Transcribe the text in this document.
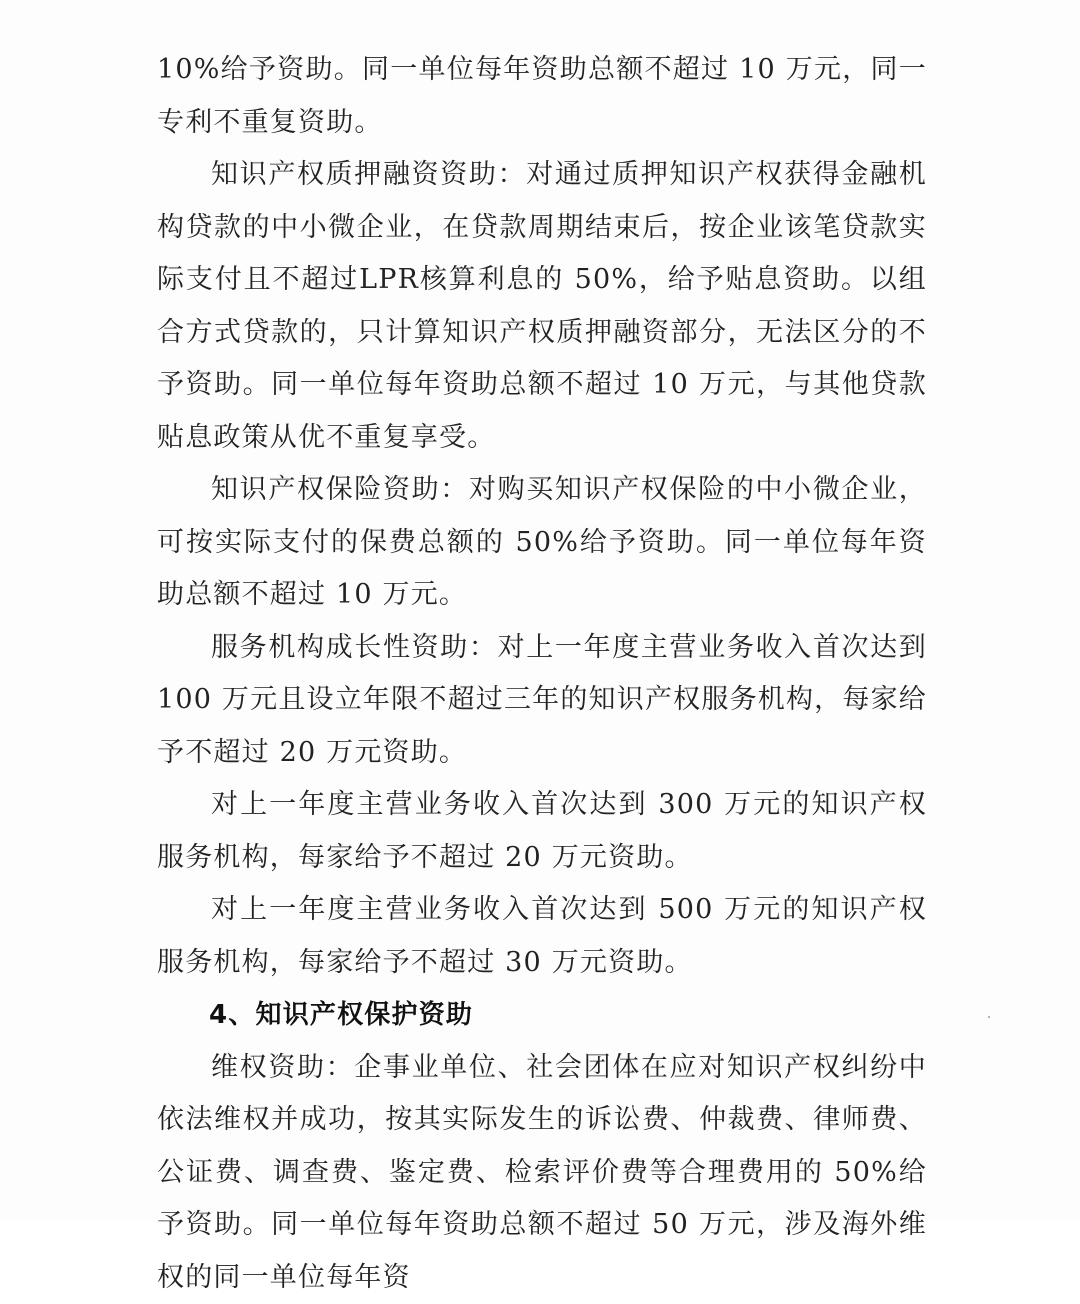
10%给予资助。同一单位每年资助总额不超过 10 万元，同一专利不重复资助。

知识产权质押融资资助：对通过质押知识产权获得金融机构贷款的中小微企业，在贷款周期结束后，按企业该笔贷款实际支付且不超过LPR核算利息的 50%，给予贴息资助。以组合方式贷款的，只计算知识产权质押融资部分，无法区分的不予资助。同一单位每年资助总额不超过 10 万元，与其他贷款贴息政策从优不重复享受。

知识产权保险资助：对购买知识产权保险的中小微企业，可按实际支付的保费总额的 50%给予资助。同一单位每年资助总额不超过 10 万元。

服务机构成长性资助：对上一年度主营业务收入首次达到 100 万元且设立年限不超过三年的知识产权服务机构，每家给予不超过 20 万元资助。

对上一年度主营业务收入首次达到 300 万元的知识产权服务机构，每家给予不超过 20 万元资助。

对上一年度主营业务收入首次达到 500 万元的知识产权服务机构，每家给予不超过 30 万元资助。

4、知识产权保护资助

维权资助：企事业单位、社会团体在应对知识产权纠纷中依法维权并成功，按其实际发生的诉讼费、仲裁费、律师费、公证费、调查费、鉴定费、检索评价费等合理费用的 50%给予资助。同一单位每年资助总额不超过 50 万元，涉及海外维权的同一单位每年资
